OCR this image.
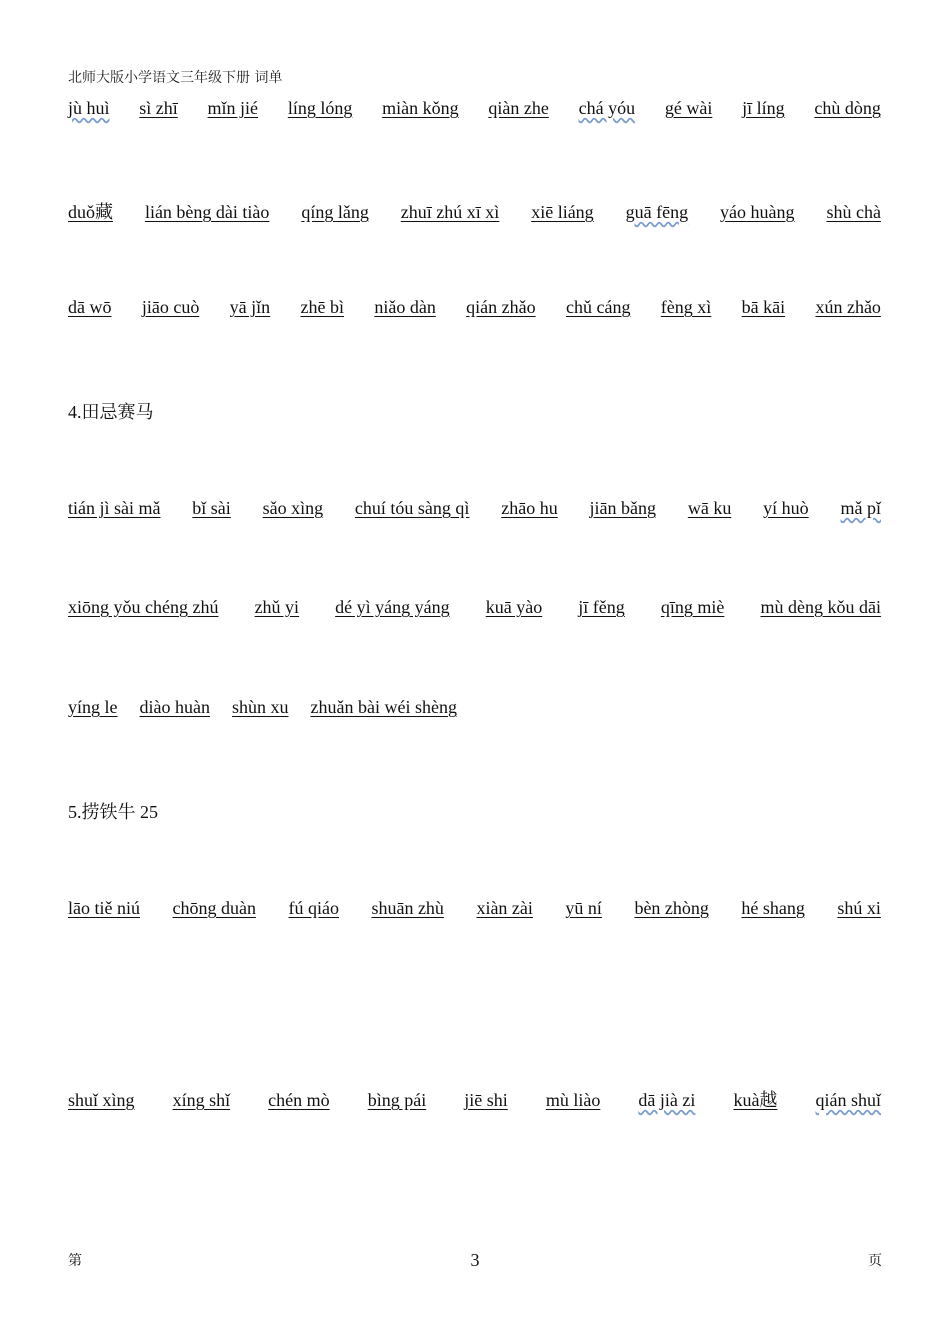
北师大版小学语文三年级下册 词单
jù huì sì zhī mǐn jié líng lóng miàn kǒng qiàn zhe chá yóu gé wài jī líng chù dòng
duǒ藏 lián bèng dài tiào qíng lǎng zhuī zhú xī xì xiē liáng guā fēng yáo huàng shù chà
dā wō jiāo cuò yā jǐn zhē bì niǎo dàn qián zhǎo chǔ cáng fèng xì bā kāi xún zhǎo
4.田忌赛马
tián jì sài mǎ bǐ sài sǎo xìng chuí tóu sàng qì zhāo hu jiān bǎng wā ku yí huò mǎ pǐ
xiōng yǒu chéng zhú zhǔ yi dé yì yáng yáng kuā yào jī fěng qīng miè mù dèng kǒu dāi
yíng le diào huàn shùn xu zhuǎn bài wéi shèng
5.捞铁牛 25
lāo tiě niú chōng duàn fú qiáo shuān zhù xiàn zài yū ní bèn zhòng hé shang shú xi
shuǐ xìng xíng shǐ chén mò bìng pái jiē shi mù liào dā jià zi kuà越 qián shuǐ
第	3	页
